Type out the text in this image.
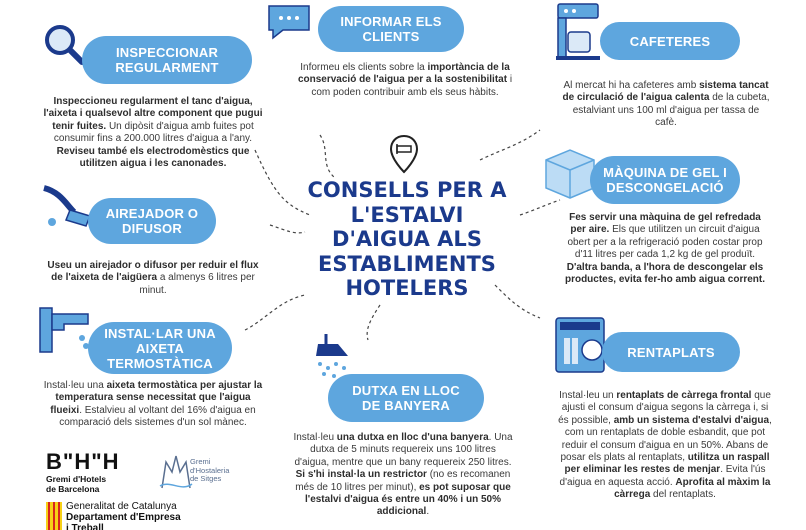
INSPECCIONAR REGULARMENT
Inspeccioneu regularment el tanc d'aigua, l'aixeta i qualsevol altre component que pugui tenir fuites. Un dipòsit d'aigua amb fuites pot consumir fins a 200.000 litres d'aigua a l'any. Reviseu també els electrodomèstics que utilitzen aigua i les canonades.
INFORMAR ELS CLIENTS
Informeu els clients sobre la importància de la conservació de l'aigua per a la sostenibilitat i com poden contribuir amb els seus hàbits.
CAFETERES
Al mercat hi ha cafeteres amb sistema tancat de circulació de l'aigua calenta de la cubeta, estalviant uns 100 ml d'aigua per tassa de cafè.
AIREJADOR O DIFUSOR
Useu un airejador o difusor per reduir el flux de l'aixeta de l'aigüera a almenys 6 litres per minut.
MÀQUINA DE GEL I DESCONGELACIÓ
Fes servir una màquina de gel refredada per aire. Els que utilitzen un circuit d'aigua obert per a la refrigeració poden costar prop d'11 litres per cada 1,2 kg de gel produït. D'altra banda, a l'hora de descongelar els productes, evita fer-ho amb aigua corrent.
INSTAL·LAR UNA AIXETA TERMOSTÀTICA
Instal·leu una aixeta termostàtica per ajustar la temperatura sense necessitat que l'aigua flueixi. Estalvieu al voltant del 16% d'aigua en comparació dels sistemes d'un sol mànec.
CONSELLS PER A L'ESTALVI D'AIGUA ALS ESTABLIMENTS HOTELERS
DUTXA EN LLOC DE BANYERA
Instal·leu una dutxa en lloc d'una banyera. Una dutxa de 5 minuts requereix uns 100 litres d'aigua, mentre que un bany requereix 250 litres. Si s'hi instal·la un restrictor (no es recomanen més de 10 litres per minut), es pot suposar que l'estalvi d'aigua és entre un 40% i un 50% addicional.
RENTAPLATS
Instal·leu un rentaplats de càrrega frontal que ajusti el consum d'aigua segons la càrrega i, si és possible, amb un sistema d'estalvi d'aigua, com un rentaplats de doble esbandit, que pot reduir el consum d'aigua en un 50%. Abans de posar els plats al rentaplats, utilitza un raspall per eliminar les restes de menjar. Evita l'ús d'aigua en aquesta acció. Aprofita al màxim la càrrega del rentaplats.
B"H"H
Gremi d'Hotels
de Barcelona
Gremi
d'Hostaleria
de Sitges
Generalitat de Catalunya
Departament d'Empresa
i Treball
